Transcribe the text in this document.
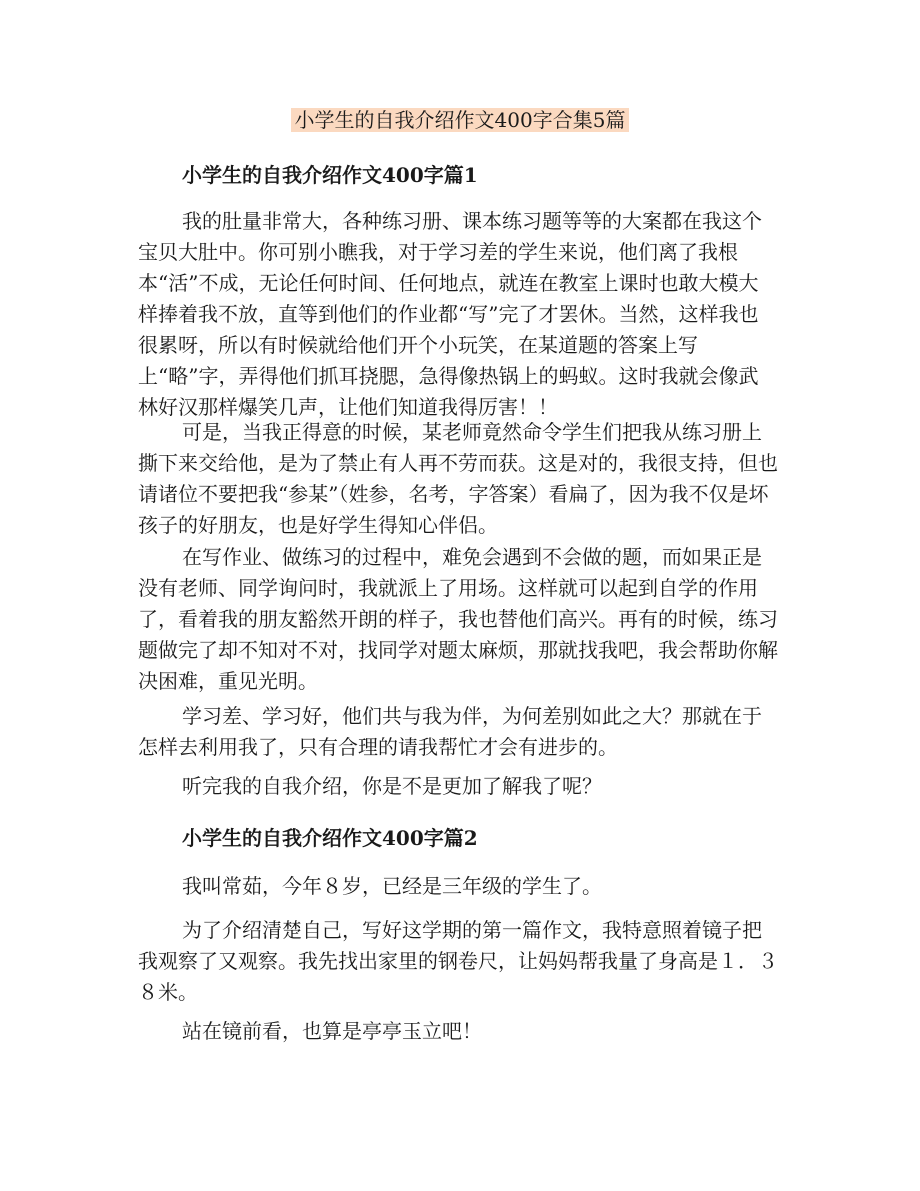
小学生的自我介绍作文400字合集5篇
小学生的自我介绍作文400字篇1

我的肚量非常大，各种练习册、课本练习题等等的大案都在我这个宝贝大肚中。你可别小瞧我，对于学习差的学生来说，他们离了我根本“活”不成，无论任何时间、任何地点，就连在教室上课时也敢大模大样捧着我不放，直等到他们的作业都“写”完了才罢休。当然，这样我也很累呀，所以有时候就给他们开个小玩笑，在某道题的答案上写上“略”字，弄得他们抓耳挠腮，急得像热锅上的蚂蚁。这时我就会像武林好汉那样爆笑几声，让他们知道我得厉害！！

可是，当我正得意的时候，某老师竟然命令学生们把我从练习册上撕下来交给他，是为了禁止有人再不劳而获。这是对的，我很支持，但也请诸位不要把我“参某”（姓参，名考，字答案）看扁了，因为我不仅是坏孩子的好朋友，也是好学生得知心伴侣。

在写作业、做练习的过程中，难免会遇到不会做的题，而如果正是没有老师、同学询问时，我就派上了用场。这样就可以起到自学的作用了，看着我的朋友豁然开朗的样子，我也替他们高兴。再有的时候，练习题做完了却不知对不对，找同学对题太麻烦，那就找我吧，我会帮助你解决困难，重见光明。

学习差、学习好，他们共与我为伴，为何差别如此之大？那就在于怎样去利用我了，只有合理的请我帮忙才会有进步的。

听完我的自我介绍，你是不是更加了解我了呢？

小学生的自我介绍作文400字篇2

我叫常茹，今年８岁，已经是三年级的学生了。

为了介绍清楚自己，写好这学期的第一篇作文，我特意照着镜子把我观察了又观察。我先找出家里的钢卷尺，让妈妈帮我量了身高是１．３８米。

站在镜前看，也算是亭亭玉立吧！
